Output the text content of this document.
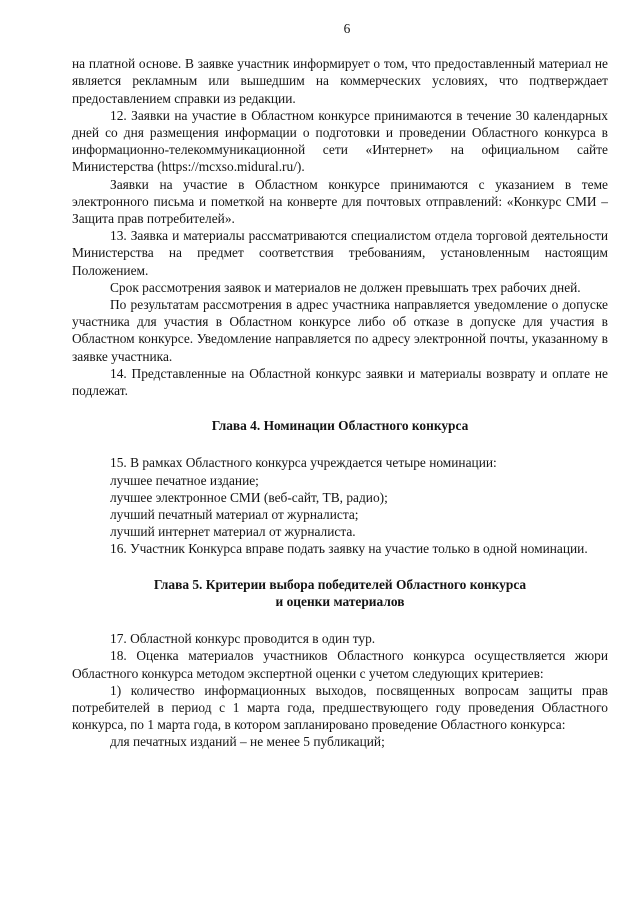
6

на платной основе. В заявке участник информирует о том, что предоставленный материал не является рекламным или вышедшим на коммерческих условиях, что подтверждает предоставлением справки из редакции.

12. Заявки на участие в Областном конкурсе принимаются в течение 30 календарных дней со дня размещения информации о подготовки и проведении Областного конкурса в информационно-телекоммуникационной сети «Интернет» на официальном сайте Министерства (https://mcxso.midural.ru/).

Заявки на участие в Областном конкурсе принимаются с указанием в теме электронного письма и пометкой на конверте для почтовых отправлений: «Конкурс СМИ – Защита прав потребителей».

13. Заявка и материалы рассматриваются специалистом отдела торговой деятельности Министерства на предмет соответствия требованиям, установленным настоящим Положением.

Срок рассмотрения заявок и материалов не должен превышать трех рабочих дней.

По результатам рассмотрения в адрес участника направляется уведомление о допуске участника для участия в Областном конкурсе либо об отказе в допуске для участия в Областном конкурсе. Уведомление направляется по адресу электронной почты, указанному в заявке участника.

14. Представленные на Областной конкурс заявки и материалы возврату и оплате не подлежат.

Глава 4. Номинации Областного конкурса

15. В рамках Областного конкурса учреждается четыре номинации:

лучшее печатное издание;

лучшее электронное СМИ (веб-сайт, ТВ, радио);

лучший печатный материал от журналиста;

лучший интернет материал от журналиста.

16. Участник Конкурса вправе подать заявку на участие только в одной номинации.

Глава 5. Критерии выбора победителей Областного конкурса
и оценки материалов

17. Областной конкурс проводится в один тур.

18. Оценка материалов участников Областного конкурса осуществляется жюри Областного конкурса методом экспертной оценки с учетом следующих критериев:

1) количество информационных выходов, посвященных вопросам защиты прав потребителей в период с 1 марта года, предшествующего году проведения Областного конкурса, по 1 марта года, в котором запланировано проведение Областного конкурса:

для печатных изданий – не менее 5 публикаций;
